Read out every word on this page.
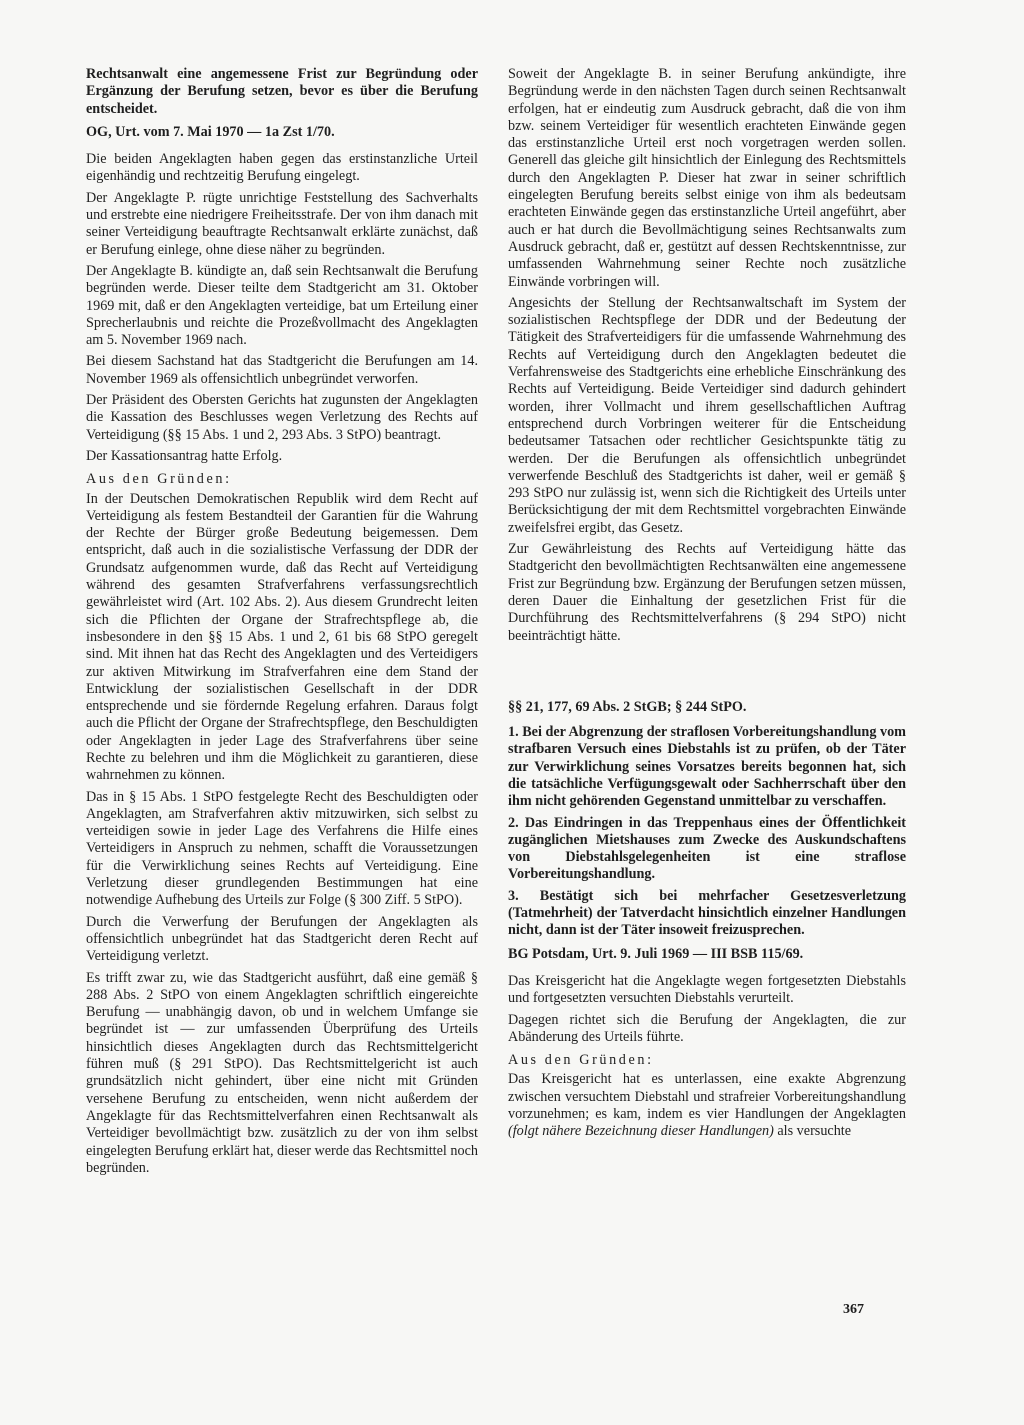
Rechtsanwalt eine angemessene Frist zur Begründung oder Ergänzung der Berufung setzen, bevor es über die Berufung entscheidet.

OG, Urt. vom 7. Mai 1970 — 1a Zst 1/70.

Die beiden Angeklagten haben gegen das erstinstanzliche Urteil eigenhändig und rechtzeitig Berufung eingelegt.

Der Angeklagte P. rügte unrichtige Feststellung des Sachverhalts und erstrebte eine niedrigere Freiheitsstrafe. Der von ihm danach mit seiner Verteidigung beauftragte Rechtsanwalt erklärte zunächst, daß er Berufung einlege, ohne diese näher zu begründen.

Der Angeklagte B. kündigte an, daß sein Rechtsanwalt die Berufung begründen werde. Dieser teilte dem Stadtgericht am 31. Oktober 1969 mit, daß er den Angeklagten verteidige, bat um Erteilung einer Sprecherlaubnis und reichte die Prozeßvollmacht des Angeklagten am 5. November 1969 nach.

Bei diesem Sachstand hat das Stadtgericht die Berufungen am 14. November 1969 als offensichtlich unbegründet verworfen.

Der Präsident des Obersten Gerichts hat zugunsten der Angeklagten die Kassation des Beschlusses wegen Verletzung des Rechts auf Verteidigung (§§ 15 Abs. 1 und 2, 293 Abs. 3 StPO) beantragt.

Der Kassationsantrag hatte Erfolg.

Aus den Gründen:

In der Deutschen Demokratischen Republik wird dem Recht auf Verteidigung als festem Bestandteil der Garantien für die Wahrung der Rechte der Bürger große Bedeutung beigemessen. Dem entspricht, daß auch in die sozialistische Verfassung der DDR der Grundsatz aufgenommen wurde, daß das Recht auf Verteidigung während des gesamten Strafverfahrens verfassungsrechtlich gewährleistet wird (Art. 102 Abs. 2). Aus diesem Grundrecht leiten sich die Pflichten der Organe der Strafrechtspflege ab, die insbesondere in den §§ 15 Abs. 1 und 2, 61 bis 68 StPO geregelt sind. Mit ihnen hat das Recht des Angeklagten und des Verteidigers zur aktiven Mitwirkung im Strafverfahren eine dem Stand der Entwicklung der sozialistischen Gesellschaft in der DDR entsprechende und sie fördernde Regelung erfahren. Daraus folgt auch die Pflicht der Organe der Strafrechtspflege, den Beschuldigten oder Angeklagten in jeder Lage des Strafverfahrens über seine Rechte zu belehren und ihm die Möglichkeit zu garantieren, diese wahrnehmen zu können.

Das in § 15 Abs. 1 StPO festgelegte Recht des Beschuldigten oder Angeklagten, am Strafverfahren aktiv mitzuwirken, sich selbst zu verteidigen sowie in jeder Lage des Verfahrens die Hilfe eines Verteidigers in Anspruch zu nehmen, schafft die Voraussetzungen für die Verwirklichung seines Rechts auf Verteidigung. Eine Verletzung dieser grundlegenden Bestimmungen hat eine notwendige Aufhebung des Urteils zur Folge (§ 300 Ziff. 5 StPO).

Durch die Verwerfung der Berufungen der Angeklagten als offensichtlich unbegründet hat das Stadtgericht deren Recht auf Verteidigung verletzt.

Es trifft zwar zu, wie das Stadtgericht ausführt, daß eine gemäß § 288 Abs. 2 StPO von einem Angeklagten schriftlich eingereichte Berufung — unabhängig davon, ob und in welchem Umfange sie begründet ist — zur umfassenden Überprüfung des Urteils hinsichtlich dieses Angeklagten durch das Rechtsmittelgericht führen muß (§ 291 StPO). Das Rechtsmittelgericht ist auch grundsätzlich nicht gehindert, über eine nicht mit Gründen versehene Berufung zu entscheiden, wenn nicht außerdem der Angeklagte für das Rechtsmittelverfahren einen Rechtsanwalt als Verteidiger bevollmächtigt bzw. zusätzlich zu der von ihm selbst eingelegten Berufung erklärt hat, dieser werde das Rechtsmittel noch begründen.

Soweit der Angeklagte B. in seiner Berufung ankündigte, ihre Begründung werde in den nächsten Tagen durch seinen Rechtsanwalt erfolgen, hat er eindeutig zum Ausdruck gebracht, daß die von ihm bzw. seinem Verteidiger für wesentlich erachteten Einwände gegen das erstinstanzliche Urteil erst noch vorgetragen werden sollen. Generell das gleiche gilt hinsichtlich der Einlegung des Rechtsmittels durch den Angeklagten P. Dieser hat zwar in seiner schriftlich eingelegten Berufung bereits selbst einige von ihm als bedeutsam erachteten Einwände gegen das erstinstanzliche Urteil angeführt, aber auch er hat durch die Bevollmächtigung seines Rechtsanwalts zum Ausdruck gebracht, daß er, gestützt auf dessen Rechtskenntnisse, zur umfassenden Wahrnehmung seiner Rechte noch zusätzliche Einwände vorbringen will.

Angesichts der Stellung der Rechtsanwaltschaft im System der sozialistischen Rechtspflege der DDR und der Bedeutung der Tätigkeit des Strafverteidigers für die umfassende Wahrnehmung des Rechts auf Verteidigung durch den Angeklagten bedeutet die Verfahrensweise des Stadtgerichts eine erhebliche Einschränkung des Rechts auf Verteidigung. Beide Verteidiger sind dadurch gehindert worden, ihrer Vollmacht und ihrem gesellschaftlichen Auftrag entsprechend durch Vorbringen weiterer für die Entscheidung bedeutsamer Tatsachen oder rechtlicher Gesichtspunkte tätig zu werden. Der die Berufungen als offensichtlich unbegründet verwerfende Beschluß des Stadtgerichts ist daher, weil er gemäß § 293 StPO nur zulässig ist, wenn sich die Richtigkeit des Urteils unter Berücksichtigung der mit dem Rechtsmittel vorgebrachten Einwände zweifelsfrei ergibt, das Gesetz.

Zur Gewährleistung des Rechts auf Verteidigung hätte das Stadtgericht den bevollmächtigten Rechtsanwälten eine angemessene Frist zur Begründung bzw. Ergänzung der Berufungen setzen müssen, deren Dauer die Einhaltung der gesetzlichen Frist für die Durchführung des Rechtsmittelverfahrens (§ 294 StPO) nicht beeinträchtigt hätte.

§§ 21, 177, 69 Abs. 2 StGB; § 244 StPO.

1. Bei der Abgrenzung der straflosen Vorbereitungshandlung vom strafbaren Versuch eines Diebstahls ist zu prüfen, ob der Täter zur Verwirklichung seines Vorsatzes bereits begonnen hat, sich die tatsächliche Verfügungsgewalt oder Sachherrschaft über den ihm nicht gehörenden Gegenstand unmittelbar zu verschaffen.

2. Das Eindringen in das Treppenhaus eines der Öffentlichkeit zugänglichen Mietshauses zum Zwecke des Auskundschaftens von Diebstahlsgelegenheiten ist eine straflose Vorbereitungshandlung.

3. Bestätigt sich bei mehrfacher Gesetzesverletzung (Tatmehrheit) der Tatverdacht hinsichtlich einzelner Handlungen nicht, dann ist der Täter insoweit freizusprechen.

BG Potsdam, Urt. 9. Juli 1969 — III BSB 115/69.

Das Kreisgericht hat die Angeklagte wegen fortgesetzten Diebstahls und fortgesetzten versuchten Diebstahls verurteilt.

Dagegen richtet sich die Berufung der Angeklagten, die zur Abänderung des Urteils führte.

Aus den Gründen:

Das Kreisgericht hat es unterlassen, eine exakte Abgrenzung zwischen versuchtem Diebstahl und strafreier Vorbereitungshandlung vorzunehmen; es kam, indem es vier Handlungen der Angeklagten (folgt nähere Bezeichnung dieser Handlungen) als versuchte

367
